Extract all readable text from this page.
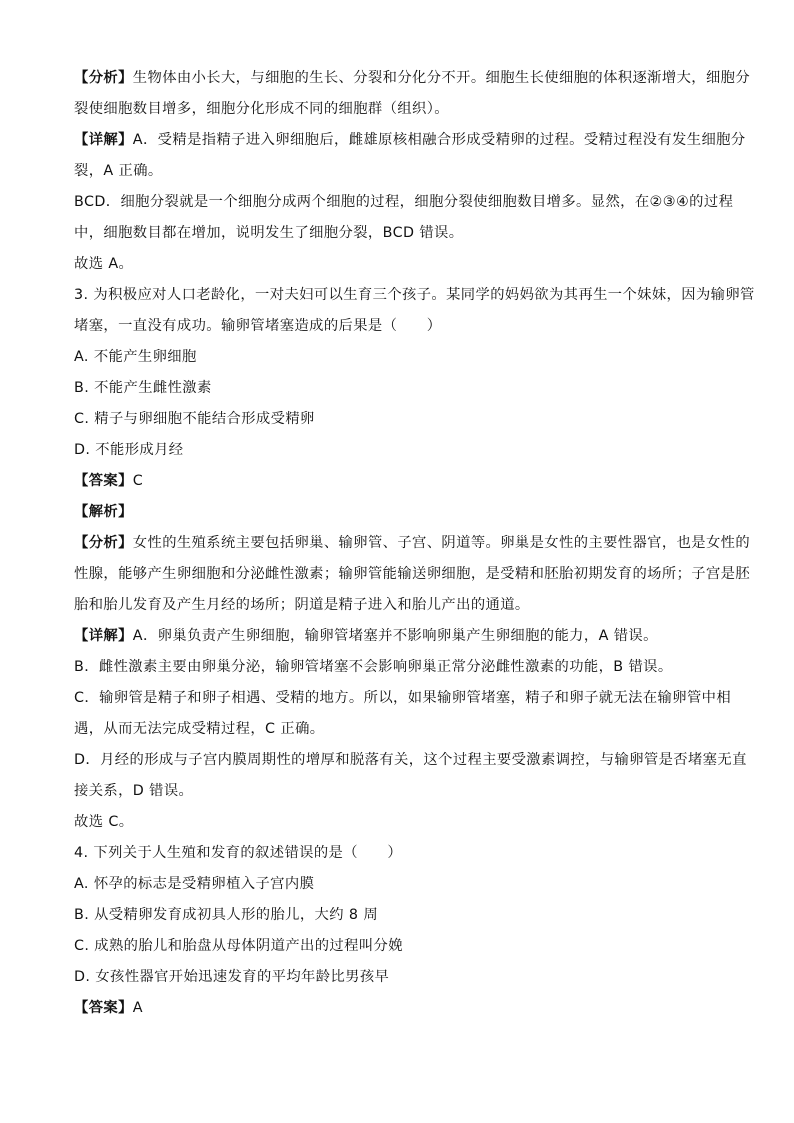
【分析】生物体由小长大，与细胞的生长、分裂和分化分不开。细胞生长使细胞的体积逐渐增大，细胞分

裂使细胞数目增多，细胞分化形成不同的细胞群（组织）。

【详解】A．受精是指精子进入卵细胞后，雌雄原核相融合形成受精卵的过程。受精过程没有发生细胞分

裂，A 正确。

BCD．细胞分裂就是一个细胞分成两个细胞的过程，细胞分裂使细胞数目增多。显然，在②③④的过程

中，细胞数目都在增加，说明发生了细胞分裂，BCD 错误。

故选 A。

3. 为积极应对人口老龄化，一对夫妇可以生育三个孩子。某同学的妈妈欲为其再生一个妹妹，因为输卵管

堵塞，一直没有成功。输卵管堵塞造成的后果是（　　）

A. 不能产生卵细胞

B. 不能产生雌性激素

C. 精子与卵细胞不能结合形成受精卵

D. 不能形成月经

【答案】C

【解析】

【分析】女性的生殖系统主要包括卵巢、输卵管、子宫、阴道等。卵巢是女性的主要性器官，也是女性的

性腺，能够产生卵细胞和分泌雌性激素；输卵管能输送卵细胞，是受精和胚胎初期发育的场所；子宫是胚

胎和胎儿发育及产生月经的场所；阴道是精子进入和胎儿产出的通道。

【详解】A．卵巢负责产生卵细胞，输卵管堵塞并不影响卵巢产生卵细胞的能力，A 错误。

B．雌性激素主要由卵巢分泌，输卵管堵塞不会影响卵巢正常分泌雌性激素的功能，B 错误。

C．输卵管是精子和卵子相遇、受精的地方。所以，如果输卵管堵塞，精子和卵子就无法在输卵管中相

遇，从而无法完成受精过程，C 正确。

D．月经的形成与子宫内膜周期性的增厚和脱落有关，这个过程主要受激素调控，与输卵管是否堵塞无直

接关系，D 错误。

故选 C。

4. 下列关于人生殖和发育的叙述错误的是（　　）

A. 怀孕的标志是受精卵植入子宫内膜

B. 从受精卵发育成初具人形的胎儿，大约 8 周

C. 成熟的胎儿和胎盘从母体阴道产出的过程叫分娩

D. 女孩性器官开始迅速发育的平均年龄比男孩早

【答案】A
